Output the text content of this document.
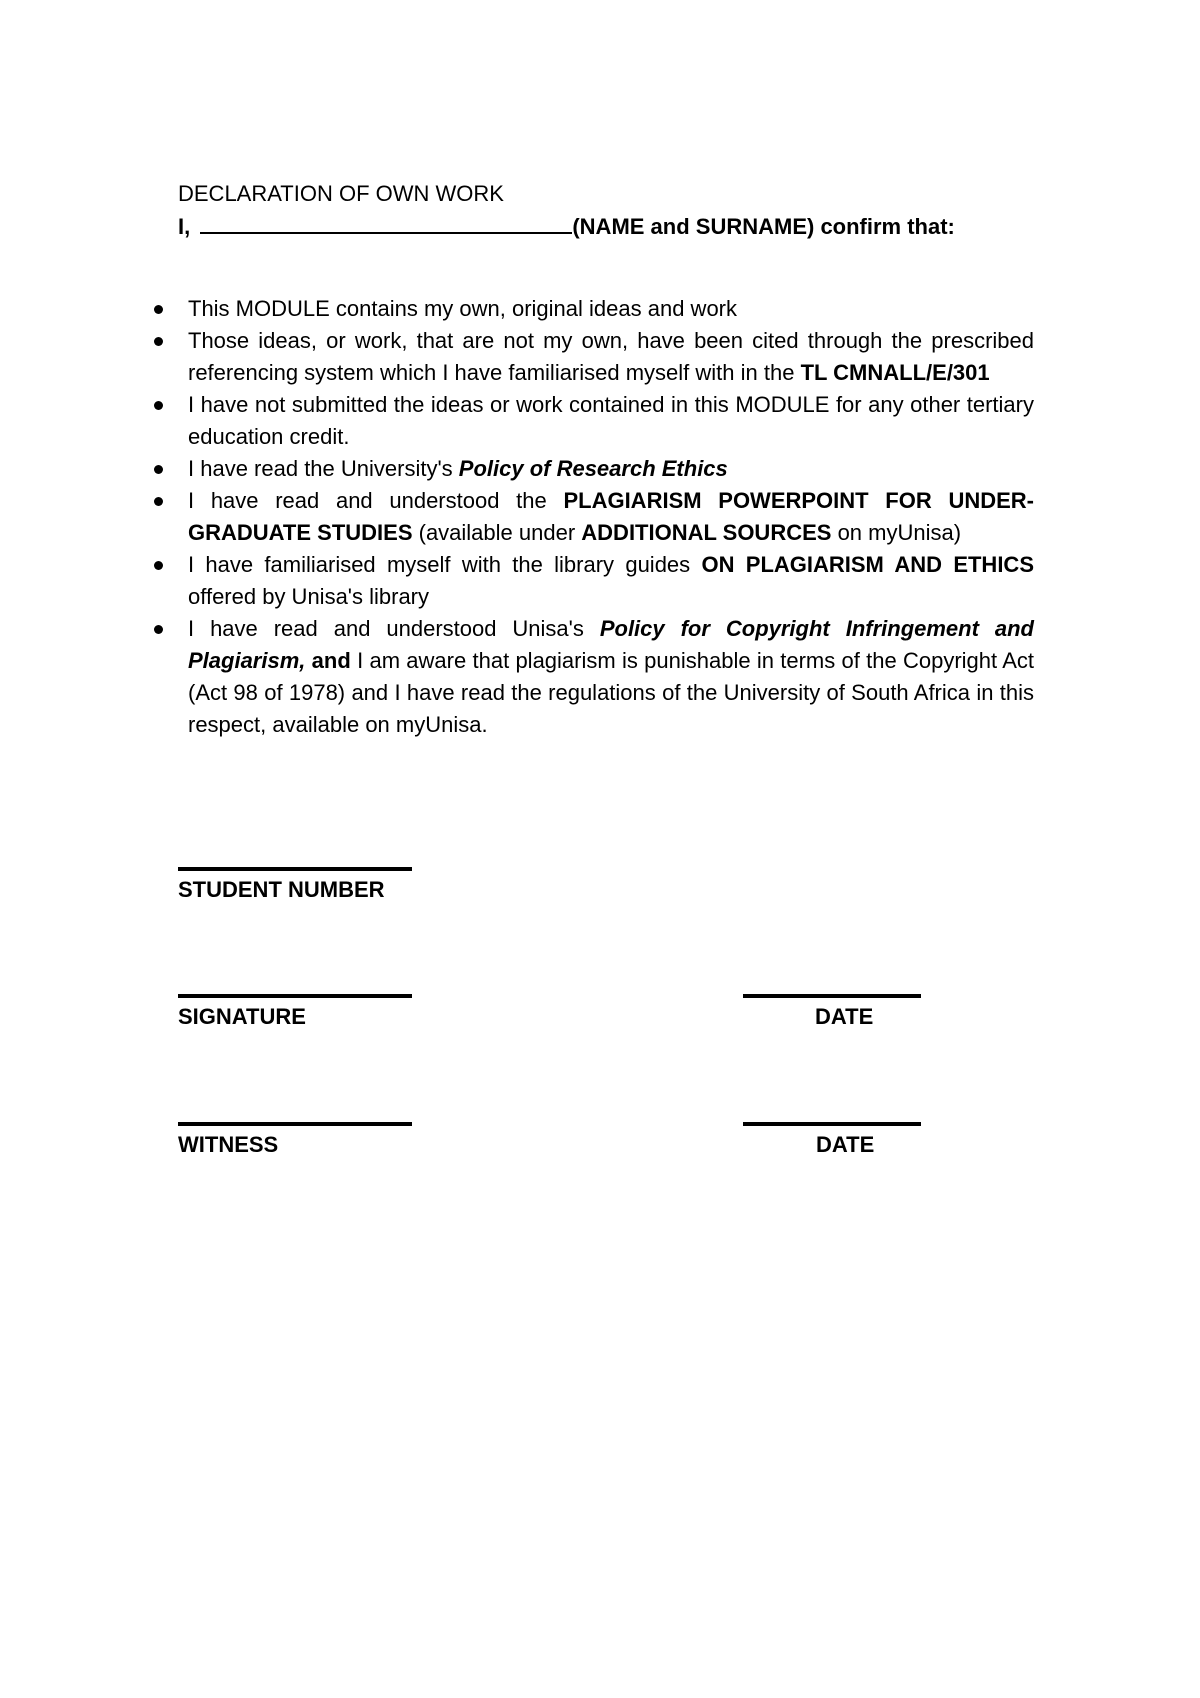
DECLARATION OF OWN WORK
I,	(NAME and SURNAME) confirm that:
This MODULE contains my own, original ideas and work
Those ideas, or work, that are not my own, have been cited through the prescribed referencing system which I have familiarised myself with in the TL CMNALL/E/301
I have not submitted the ideas or work contained in this MODULE for any other tertiary education credit.
I have read the University's Policy of Research Ethics
I have read and understood the PLAGIARISM POWERPOINT FOR UNDER-GRADUATE STUDIES (available under ADDITIONAL SOURCES on myUnisa)
I have familiarised myself with the library guides ON PLAGIARISM AND ETHICS offered by Unisa's library
I have read and understood Unisa's Policy for Copyright Infringement and Plagiarism, and I am aware that plagiarism is punishable in terms of the Copyright Act (Act 98 of 1978) and I have read the regulations of the University of South Africa in this respect, available on myUnisa.
STUDENT NUMBER
SIGNATURE	DATE
WITNESS	DATE
